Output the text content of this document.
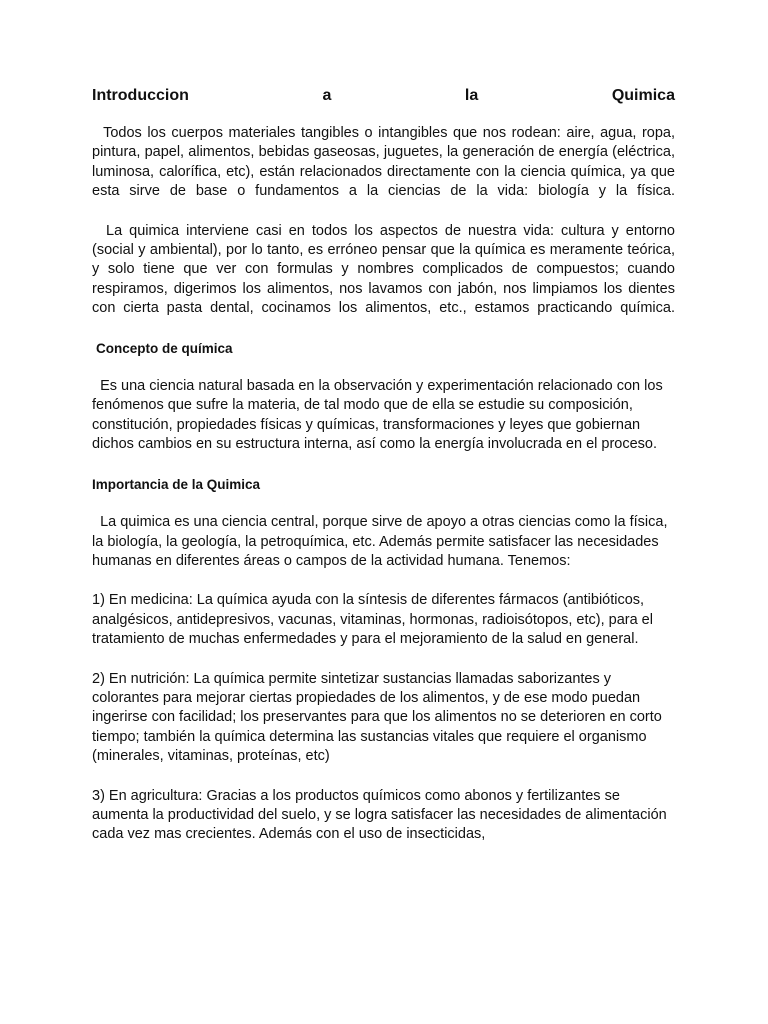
Introduccion	a	la	Quimica

Todos los cuerpos materiales tangibles o intangibles que nos rodean: aire, agua, ropa, pintura, papel, alimentos, bebidas gaseosas, juguetes, la generación de energía (eléctrica, luminosa, calorífica, etc), están relacionados directamente con la ciencia química, ya que esta sirve de base o fundamentos a la ciencias de la vida: biología y la física.

La quimica interviene casi en todos los aspectos de nuestra vida: cultura y entorno (social y ambiental), por lo tanto, es erróneo pensar que la química es meramente teórica, y solo tiene que ver con formulas y nombres complicados de compuestos; cuando respiramos, digerimos los alimentos, nos lavamos con jabón, nos limpiamos los dientes con cierta pasta dental, cocinamos los alimentos, etc., estamos practicando química.

Concepto de química

Es una ciencia natural basada en la observación y experimentación relacionado con los fenómenos que sufre la materia, de tal modo que de ella se estudie su composición, constitución, propiedades físicas y químicas, transformaciones y leyes que gobiernan dichos cambios en su estructura interna, así como la energía involucrada en el proceso.

Importancia de la Quimica

La quimica es una ciencia central, porque sirve de apoyo a otras ciencias como la física, la biología, la geología, la petroquímica, etc. Además permite satisfacer las necesidades humanas en diferentes áreas o campos de la actividad humana. Tenemos:

1) En medicina: La química ayuda con la síntesis de diferentes fármacos (antibióticos, analgésicos, antidepresivos, vacunas, vitaminas, hormonas, radioisótopos, etc), para el tratamiento de muchas enfermedades y para el mejoramiento de la salud en general.

2) En nutrición: La química permite sintetizar sustancias llamadas saborizantes y colorantes para mejorar ciertas propiedades de los alimentos, y de ese modo puedan ingerirse con facilidad; los preservantes para que los alimentos no se deterioren en corto tiempo; también la química determina las sustancias vitales que requiere el organismo (minerales, vitaminas, proteínas, etc)

3) En agricultura: Gracias a los productos químicos como abonos y fertilizantes se aumenta la productividad del suelo, y se logra satisfacer las necesidades de alimentación cada vez mas crecientes. Además con el uso de insecticidas,
